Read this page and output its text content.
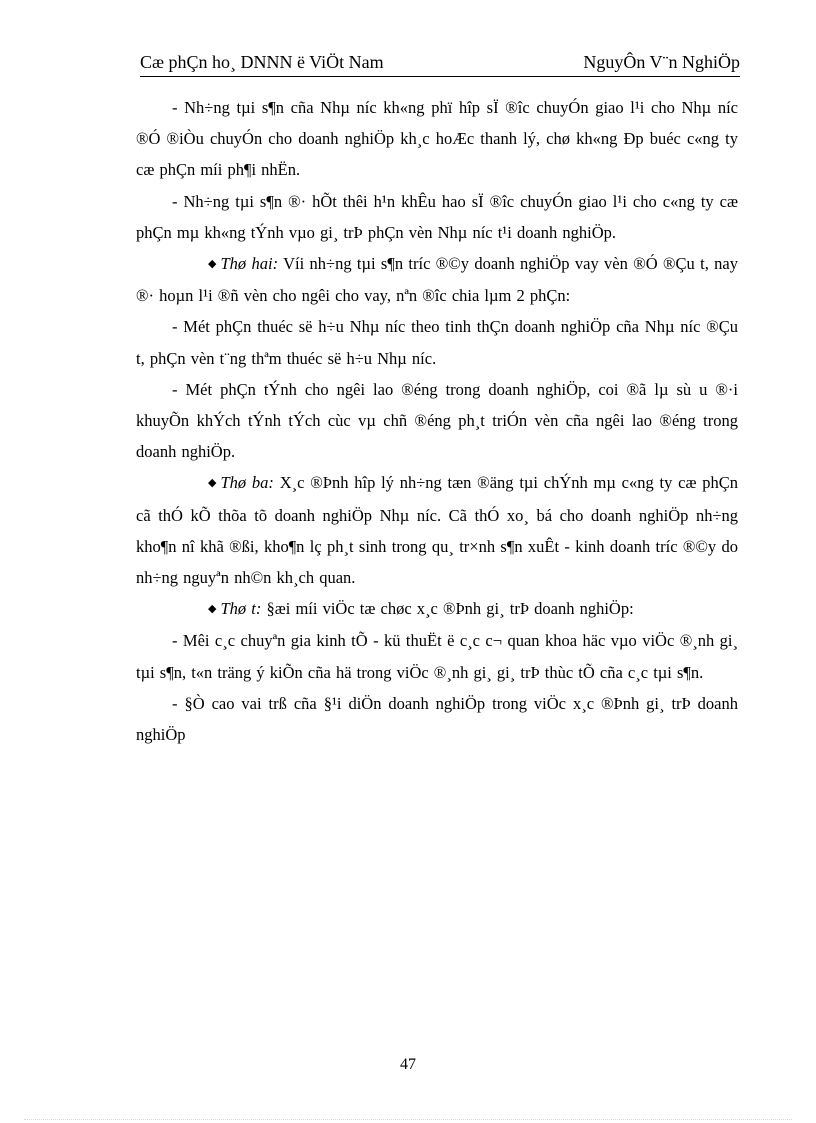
Cæ phÇn ho¸ DNNN ë ViÖt Nam	NguyÔn V¨n NghiÖp

- Nh÷ng tµi s¶n cña Nhµ níc kh«ng phï hîp sÏ ®îc chuyÓn giao l¹i cho Nhµ níc ®Ó ®iÒu chuyÓn cho doanh nghiÖp kh¸c hoÆc thanh lý, chø kh«ng Ðp buéc c«ng ty cæ phÇn míi ph¶i nhËn.

- Nh÷ng tµi s¶n ®· hÕt thêi h¹n khÊu hao sÏ ®îc chuyÓn giao l¹i cho c«ng ty cæ phÇn mµ kh«ng tÝnh vµo gi¸ trÞ phÇn vèn Nhµ níc t¹i doanh nghiÖp.

◆ Thø hai: Víi nh÷ng tµi s¶n tríc ®©y doanh nghiÖp vay vèn ®Ó ®Çu t, nay ®· hoµn l¹i ®ñ vèn cho ngêi cho vay, nªn ®îc chia lµm 2 phÇn:

- Mét phÇn thuéc së h÷u Nhµ níc theo tinh thÇn doanh nghiÖp cña Nhµ níc ®Çu t, phÇn vèn t¨ng thªm thuéc së h÷u Nhµ níc.

- Mét phÇn tÝnh cho ngêi lao ®éng trong doanh nghiÖp, coi ®ã lµ sù u ®·i khuyÕn khÝch tÝnh tÝch cùc vµ chñ ®éng ph¸t triÓn vèn cña ngêi lao ®éng trong doanh nghiÖp.

◆ Thø ba: X¸c ®Þnh hîp lý nh÷ng tæn ®äng tµi chÝnh mµ c«ng ty cæ phÇn cã thÓ kÕ thõa tõ doanh nghiÖp Nhµ níc. Cã thÓ xo¸ bá cho doanh nghiÖp nh÷ng kho¶n nî khã ®ßi, kho¶n lç ph¸t sinh trong qu¸ tr×nh s¶n xuÊt - kinh doanh tríc ®©y do nh÷ng nguyªn nh©n kh¸ch quan.

◆ Thø t: §æi míi viÖc tæ chøc x¸c ®Þnh gi¸ trÞ doanh nghiÖp:

- Mêi c¸c chuyªn gia kinh tÕ - kü thuËt ë c¸c c¬ quan khoa häc vµo viÖc ®¸nh gi¸ tµi s¶n, t«n träng ý kiÕn cña hä trong viÖc ®¸nh gi¸ gi¸ trÞ thùc tÕ cña c¸c tµi s¶n.

- §Ò cao vai trß cña §¹i diÖn doanh nghiÖp trong viÖc x¸c ®Þnh gi¸ trÞ doanh nghiÖp

47
